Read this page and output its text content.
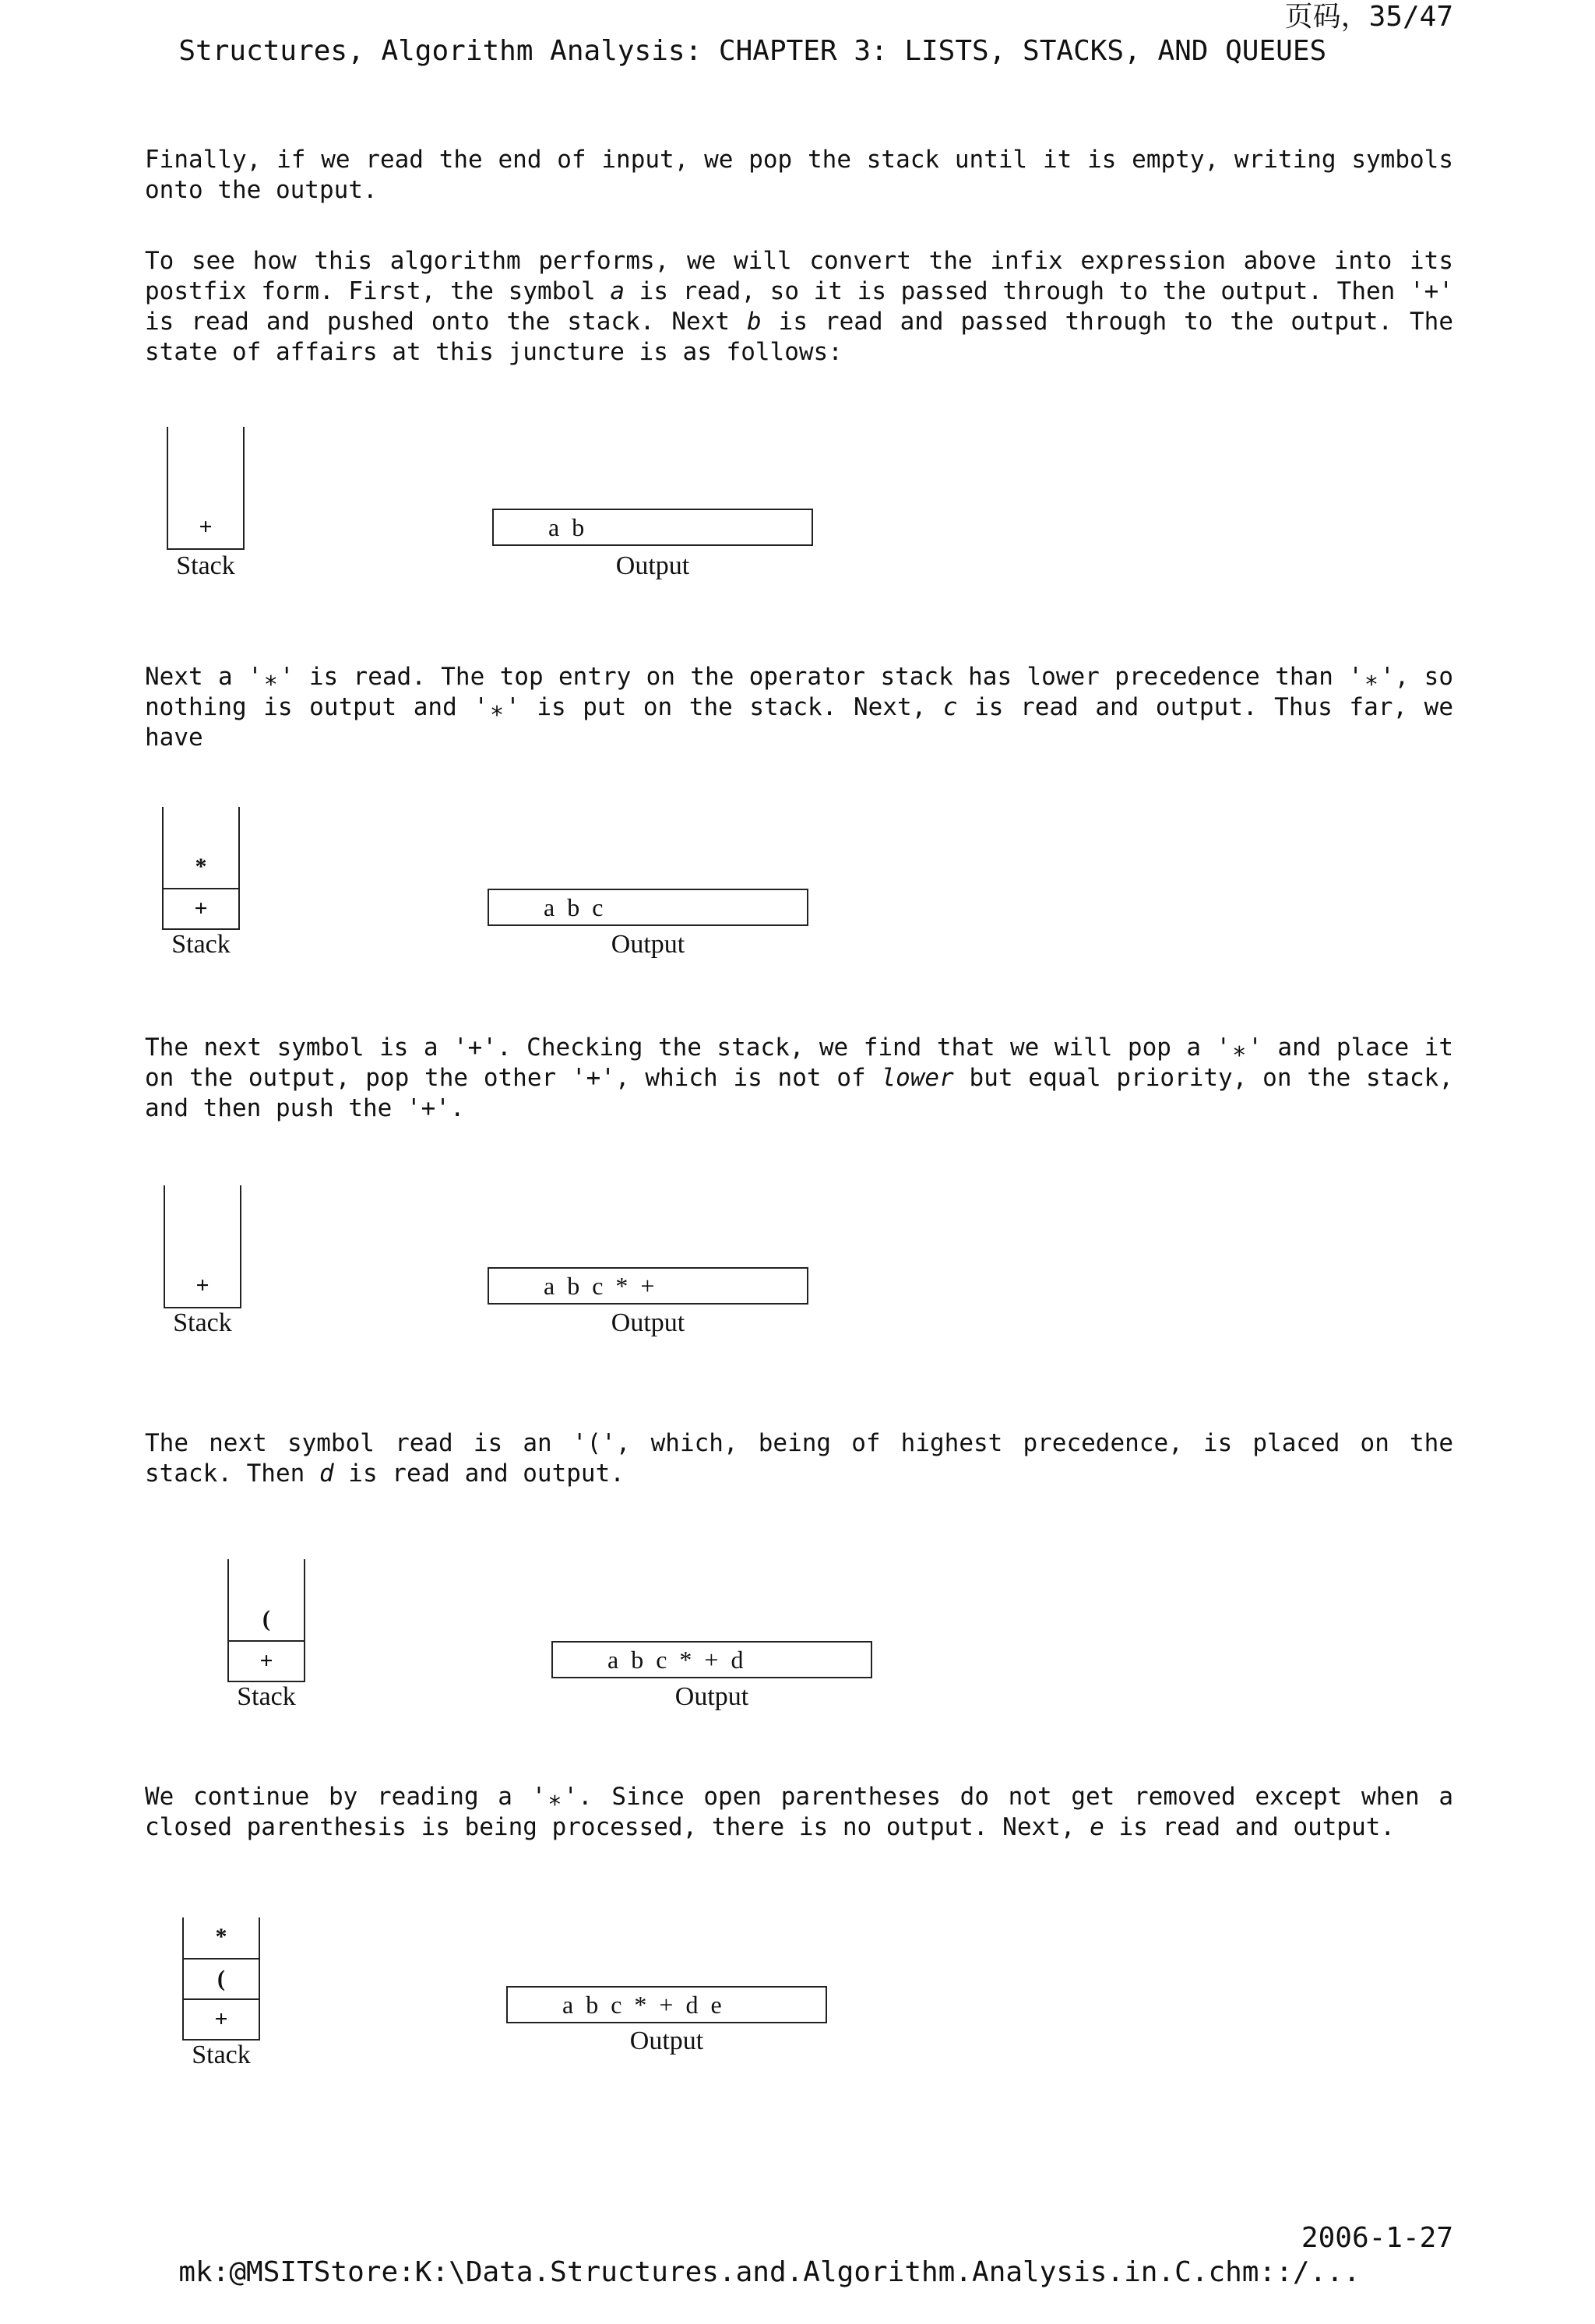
Structures, Algorithm Analysis: CHAPTER 3: LISTS, STACKS, AND QUEUES

页码，35/47

Finally, if we read the end of input, we pop the stack until it is empty, writing symbols onto the output.
To see how this algorithm performs, we will convert the infix expression above into its postfix form. First, the symbol a is read, so it is passed through to the output. Then '+' is read and pushed onto the stack. Next b is read and passed through to the output. The state of affairs at this juncture is as follows:
+
Stack
a b
Output
Next a '*' is read. The top entry on the operator stack has lower precedence than '*', so nothing is output and '*' is put on the stack. Next, c is read and output. Thus far, we have
*
+
Stack
a b c
Output
The next symbol is a '+'. Checking the stack, we find that we will pop a '*' and place it on the output, pop the other '+', which is not of lower but equal priority, on the stack, and then push the '+'.
+
Stack
a b c * +
Output
The next symbol read is an '(', which, being of highest precedence, is placed on the stack. Then d is read and output.
(
+
Stack
a b c * + d
Output
We continue by reading a '*'. Since open parentheses do not get removed except when a closed parenthesis is being processed, there is no output. Next, e is read and output.
*
(
+
Stack
a b c * + d e
Output

mk:@MSITStore:K:\Data.Structures.and.Algorithm.Analysis.in.C.chm::/...

2006-1-27
